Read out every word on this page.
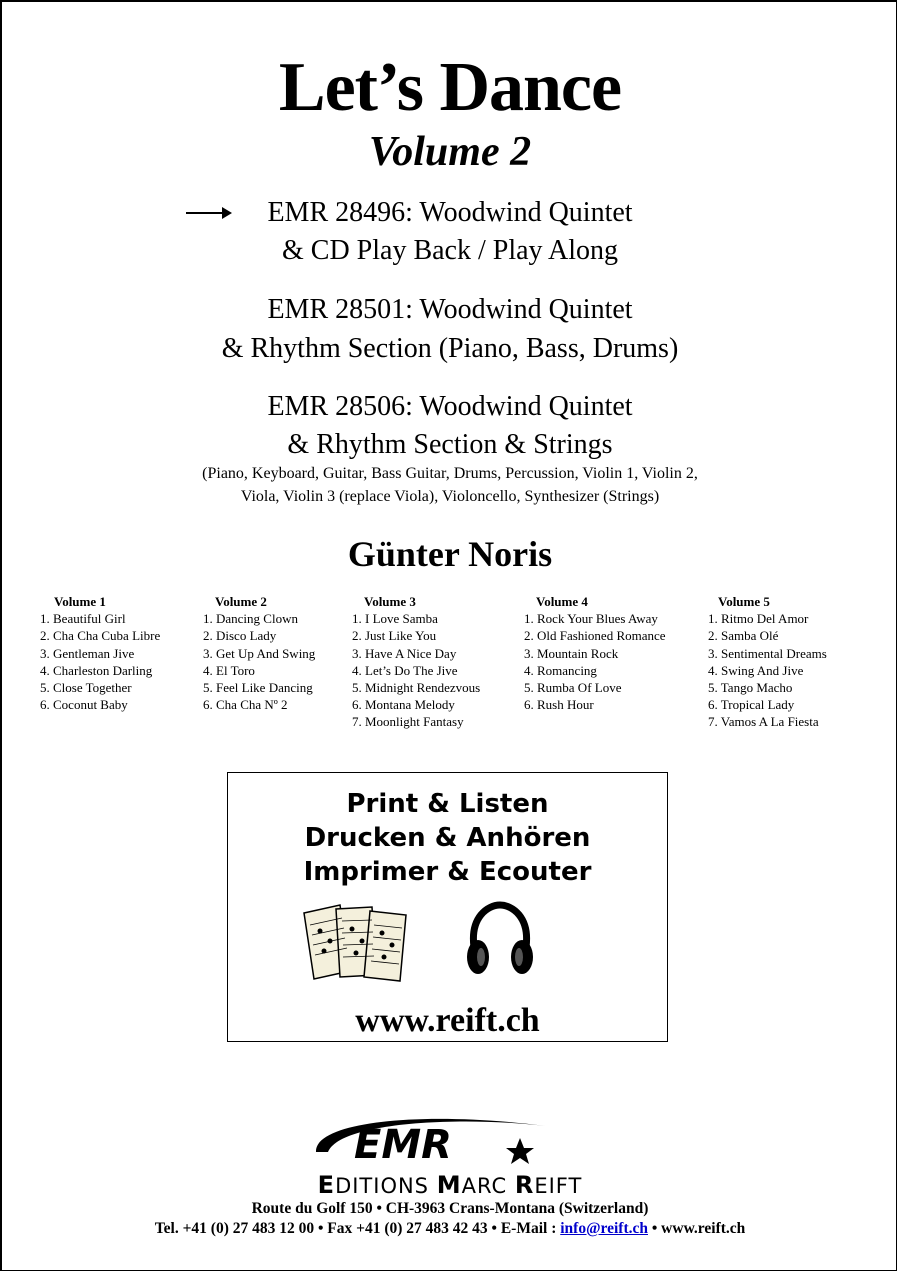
Let’s Dance
Volume 2
EMR 28496: Woodwind Quintet
& CD Play Back / Play Along
EMR 28501: Woodwind Quintet
& Rhythm Section (Piano, Bass, Drums)
EMR 28506: Woodwind Quintet
& Rhythm Section & Strings
(Piano, Keyboard, Guitar, Bass Guitar, Drums, Percussion, Violin 1, Violin 2,
Viola, Violin 3 (replace Viola), Violoncello, Synthesizer (Strings)
Günter Noris
Volume 1
1. Beautiful Girl
2. Cha Cha Cuba Libre
3. Gentleman Jive
4. Charleston Darling
5. Close Together
6. Coconut Baby
Volume 2
1. Dancing Clown
2. Disco Lady
3. Get Up And Swing
4. El Toro
5. Feel Like Dancing
6. Cha Cha Nº 2
Volume 3
1. I Love Samba
2. Just Like You
3. Have A Nice Day
4. Let’s Do The Jive
5. Midnight Rendezvous
6. Montana Melody
7. Moonlight Fantasy
Volume 4
1. Rock Your Blues Away
2. Old Fashioned Romance
3. Mountain Rock
4. Romancing
5. Rumba Of Love
6. Rush Hour
Volume 5
1. Ritmo Del Amor
2. Samba Olé
3. Sentimental Dreams
4. Swing And Jive
5. Tango Macho
6. Tropical Lady
7. Vamos A La Fiesta
Print & Listen
Drucken & Anhören
Imprimer & Ecouter
www.reift.ch
EMR
EDITIONS MARC REIFT
Route du Golf 150 • CH-3963 Crans-Montana (Switzerland)
Tel. +41 (0) 27 483 12 00 • Fax +41 (0) 27 483 42 43 • E-Mail : info@reift.ch • www.reift.ch
